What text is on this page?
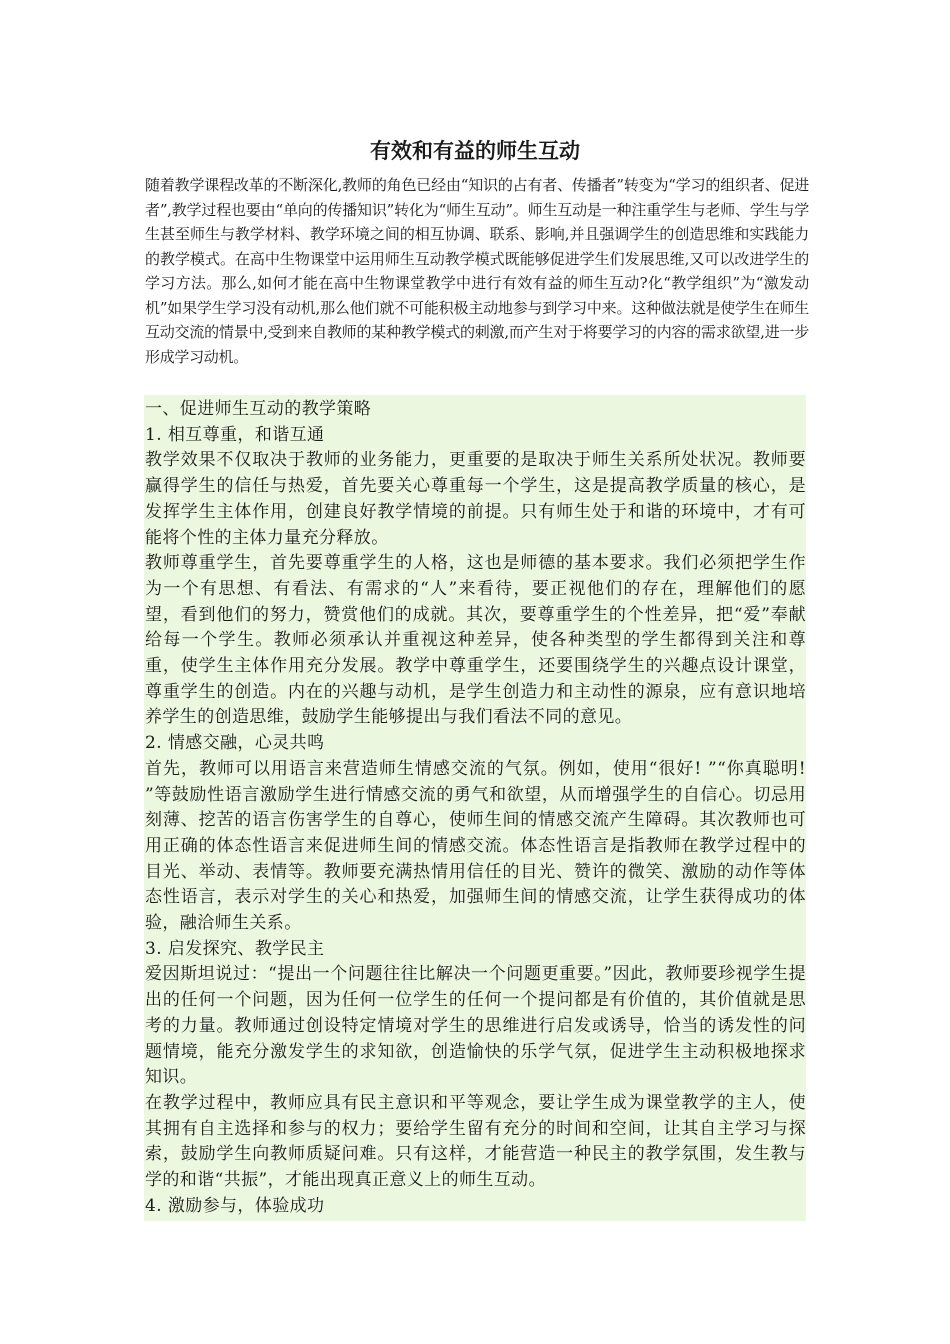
有效和有益的师生互动

随着教学课程改革的不断深化,教师的角色已经由“知识的占有者、传播者”转变为“学习的组织者、促进者”,教学过程也要由“单向的传播知识”转化为“师生互动”。师生互动是一种注重学生与老师、学生与学生甚至师生与教学材料、教学环境之间的相互协调、联系、影响,并且强调学生的创造思维和实践能力的教学模式。在高中生物课堂中运用师生互动教学模式既能够促进学生们发展思维,又可以改进学生的学习方法。那么,如何才能在高中生物课堂教学中进行有效有益的师生互动?化“教学组织”为“激发动机”如果学生学习没有动机,那么他们就不可能积极主动地参与到学习中来。这种做法就是使学生在师生互动交流的情景中,受到来自教师的某种教学模式的刺激,而产生对于将要学习的内容的需求欲望,进一步形成学习动机。

一、促进师生互动的教学策略

1. 相互尊重，和谐互通

教学效果不仅取决于教师的业务能力，更重要的是取决于师生关系所处状况。教师要赢得学生的信任与热爱，首先要关心尊重每一个学生，这是提高教学质量的核心，是发挥学生主体作用，创建良好教学情境的前提。只有师生处于和谐的环境中，才有可能将个性的主体力量充分释放。

教师尊重学生，首先要尊重学生的人格，这也是师德的基本要求。我们必须把学生作为一个有思想、有看法、有需求的“人”来看待，要正视他们的存在，理解他们的愿望，看到他们的努力，赞赏他们的成就。其次，要尊重学生的个性差异，把“爱”奉献给每一个学生。教师必须承认并重视这种差异，使各种类型的学生都得到关注和尊重，使学生主体作用充分发展。教学中尊重学生，还要围绕学生的兴趣点设计课堂，尊重学生的创造。内在的兴趣与动机，是学生创造力和主动性的源泉，应有意识地培养学生的创造思维，鼓励学生能够提出与我们看法不同的意见。

2. 情感交融，心灵共鸣

首先，教师可以用语言来营造师生情感交流的气氛。例如，使用“很好! ”“你真聪明! ”等鼓励性语言激励学生进行情感交流的勇气和欲望，从而增强学生的自信心。切忌用刻薄、挖苦的语言伤害学生的自尊心，使师生间的情感交流产生障碍。其次教师也可用正确的体态性语言来促进师生间的情感交流。体态性语言是指教师在教学过程中的目光、举动、表情等。教师要充满热情用信任的目光、赞许的微笑、激励的动作等体态性语言，表示对学生的关心和热爱，加强师生间的情感交流，让学生获得成功的体验，融洽师生关系。

3. 启发探究、教学民主

爱因斯坦说过：“提出一个问题往往比解决一个问题更重要。”因此，教师要珍视学生提出的任何一个问题，因为任何一位学生的任何一个提问都是有价值的，其价值就是思考的力量。教师通过创设特定情境对学生的思维进行启发或诱导，恰当的诱发性的问题情境，能充分激发学生的求知欲，创造愉快的乐学气氛，促进学生主动积极地探求知识。

在教学过程中，教师应具有民主意识和平等观念，要让学生成为课堂教学的主人，使其拥有自主选择和参与的权力；要给学生留有充分的时间和空间，让其自主学习与探索，鼓励学生向教师质疑问难。只有这样，才能营造一种民主的教学氛围，发生教与学的和谐“共振”，才能出现真正意义上的师生互动。

4. 激励参与，体验成功
